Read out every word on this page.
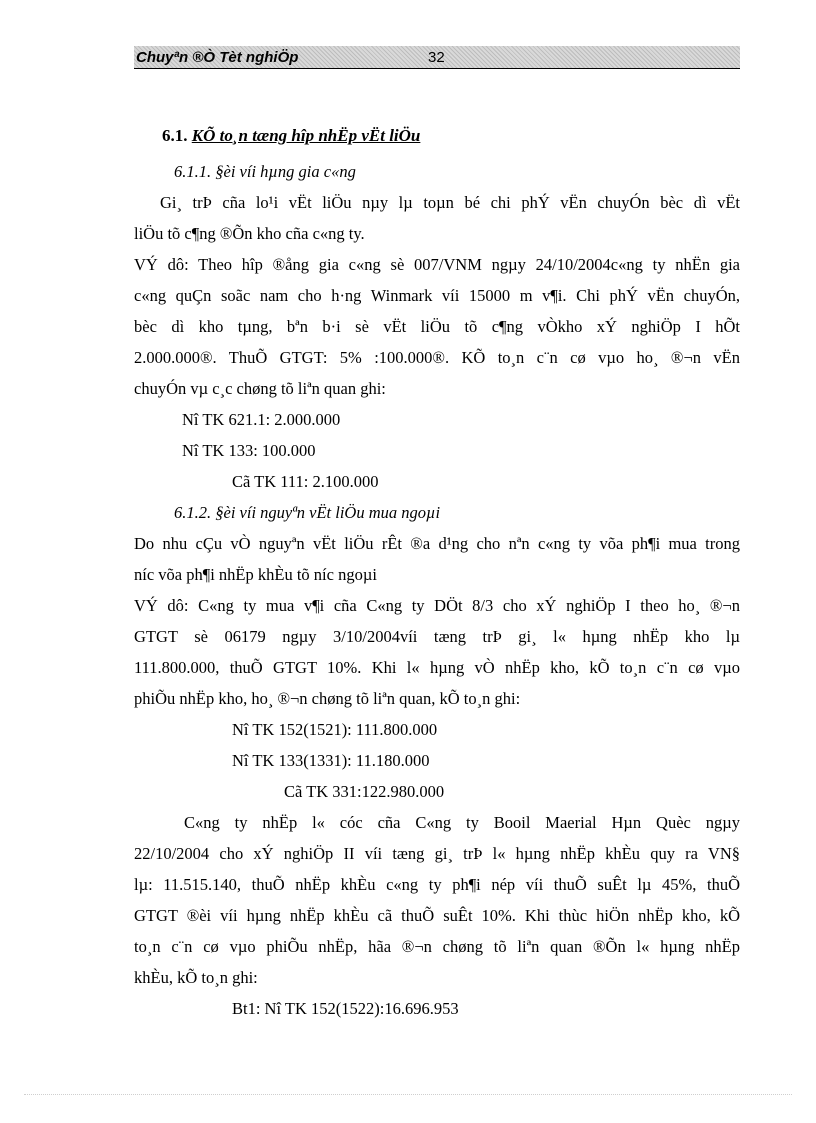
Chuyªn ®Ò Tèt nghiÖp	32
6.1. KÕ to¸n tæng hîp nhËp vËt liÖu
6.1.1. §èi víi hµng gia c«ng
Gi¸ trÞ cña lo¹i vËt liÖu nµy lµ toµn bé chi phÝ vËn chuyÓn bèc dì vËt
liÖu tõ c¶ng ®Õn kho cña c«ng ty.
VÝ dô: Theo hîp ®ång gia c«ng sè 007/VNM ngµy 24/10/2004c«ng ty nhËn gia
c«ng quÇn soãc nam cho h·ng Winmark víi 15000 m v¶i. Chi phÝ vËn chuyÓn,
bèc dì kho tµng, bªn b·i sè vËt liÖu tõ c¶ng vÒkho xÝ nghiÖp I hÕt
2.000.000®. ThuÕ GTGT: 5% :100.000®. KÕ to¸n c¨n cø vµo ho¸ ®¬n vËn
chuyÓn vµ c¸c chøng tõ liªn quan ghi:
Nî TK 621.1: 2.000.000
Nî TK 133: 100.000
Cã TK 111: 2.100.000
6.1.2. §èi víi nguyªn vËt liÖu mua ngoµi
Do nhu cÇu vÒ nguyªn vËt liÖu rÊt ®a d¹ng cho nªn c«ng ty võa ph¶i mua trong
níc võa ph¶i nhËp khÈu tõ níc ngoµi
VÝ dô: C«ng ty mua v¶i cña C«ng ty DÖt 8/3 cho xÝ nghiÖp I theo ho¸ ®¬n
GTGT sè 06179 ngµy 3/10/2004víi tæng trÞ gi¸ l« hµng nhËp kho lµ
111.800.000, thuÕ GTGT 10%. Khi l« hµng vÒ nhËp kho, kÕ to¸n c¨n cø vµo
phiÕu nhËp kho, ho¸ ®¬n chøng tõ liªn quan, kÕ to¸n ghi:
Nî TK 152(1521): 111.800.000
Nî TK 133(1331): 11.180.000
Cã TK 331:122.980.000
C«ng ty nhËp l« cóc cña C«ng ty Booil Maerial Hµn Quèc ngµy
22/10/2004 cho xÝ nghiÖp II víi tæng gi¸ trÞ l« hµng nhËp khÈu quy ra VN§
lµ: 11.515.140, thuÕ nhËp khÈu c«ng ty ph¶i nép víi thuÕ suÊt lµ 45%, thuÕ
GTGT ®èi víi hµng nhËp khÈu cã thuÕ suÊt 10%. Khi thùc hiÖn nhËp kho, kÕ
to¸n c¨n cø vµo phiÕu nhËp, hãa ®¬n chøng tõ liªn quan ®Õn l« hµng nhËp
khÈu, kÕ to¸n ghi:
Bt1: Nî TK 152(1522):16.696.953
